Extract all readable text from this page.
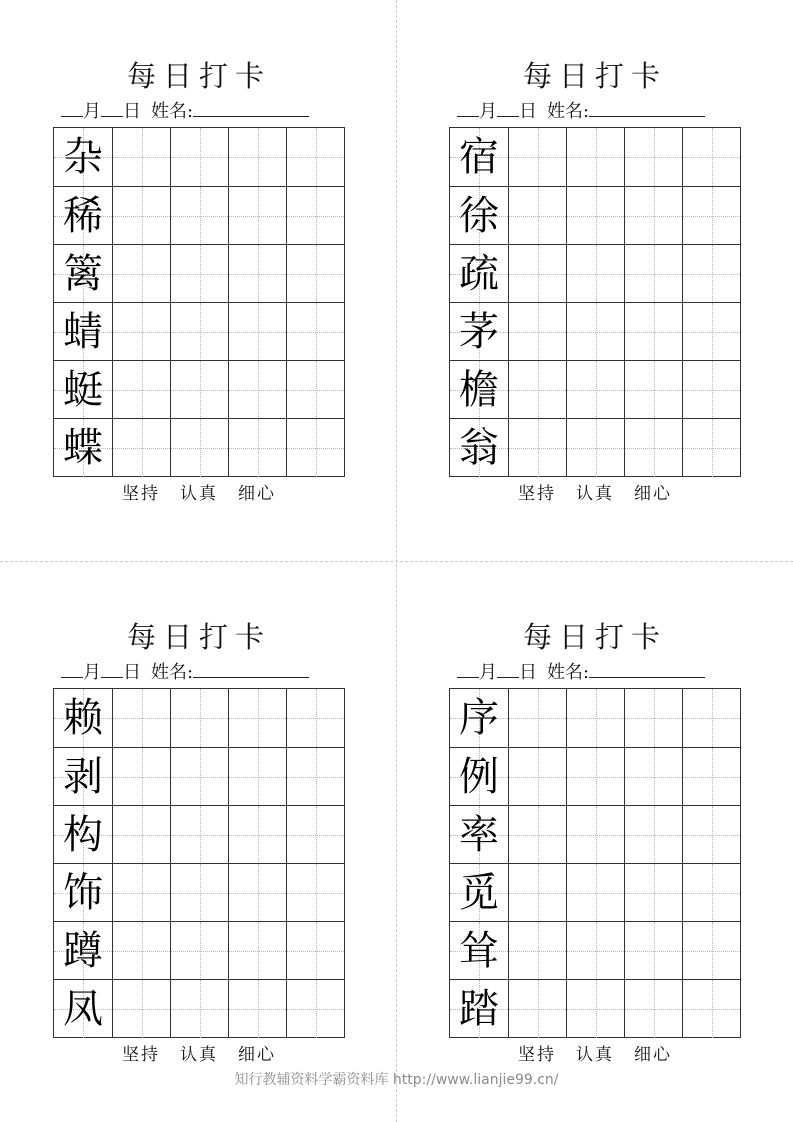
每日打卡
月 日 姓名:
杂
稀
篱
蜻
蜓
蝶
坚持 认真 细心
每日打卡
月 日 姓名:
宿
徐
疏
茅
檐
翁
坚持 认真 细心
每日打卡
月 日 姓名:
赖
剥
构
饰
蹲
凤
坚持 认真 细心
每日打卡
月 日 姓名:
序
例
率
觅
耸
踏
坚持 认真 细心
知行教辅资料学霸资料库 http://www.lianjie99.cn/
